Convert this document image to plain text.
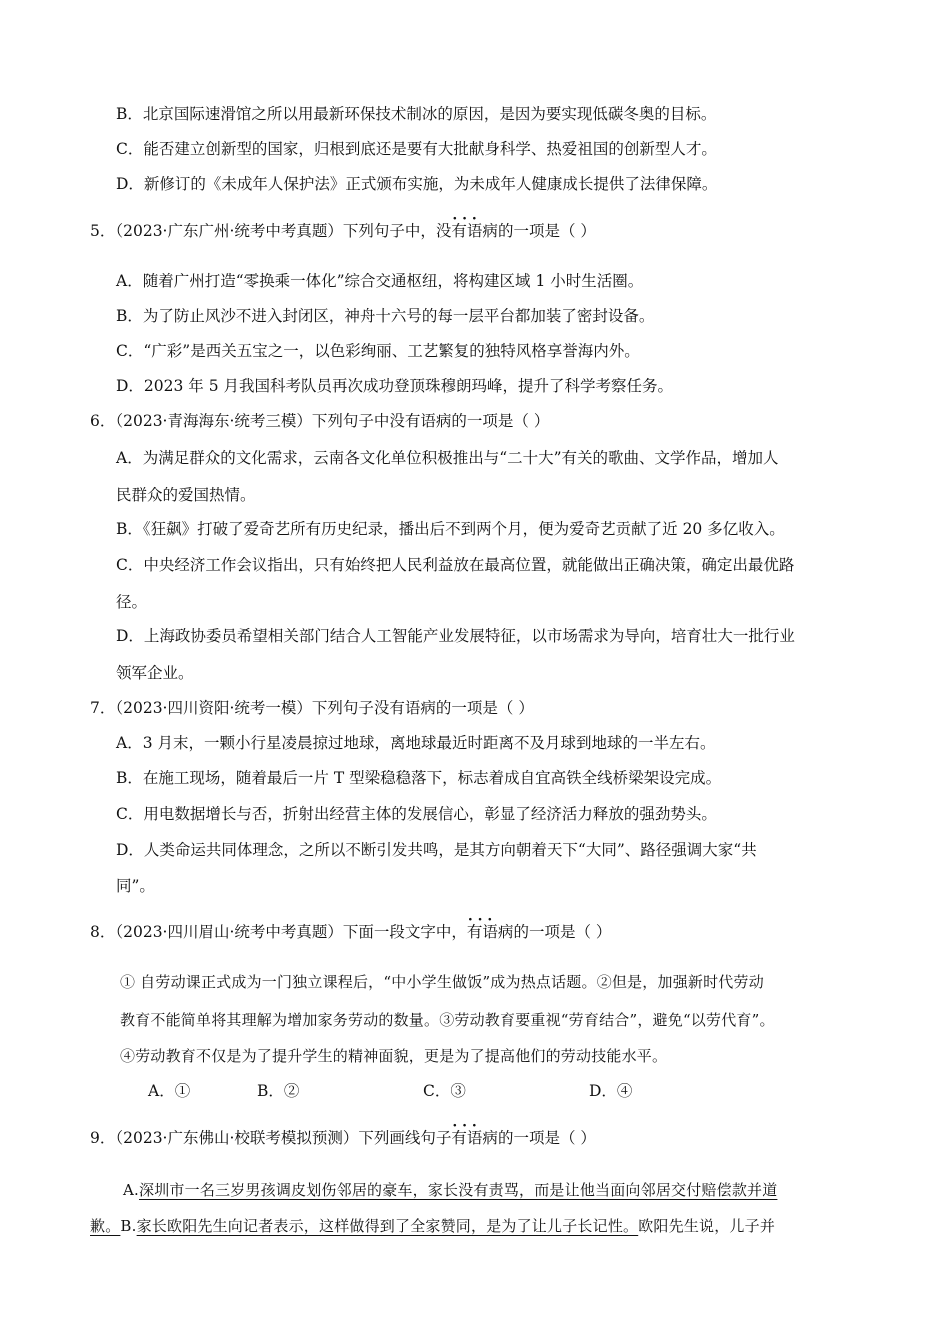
B．北京国际速滑馆之所以用最新环保技术制冰的原因，是因为要实现低碳冬奥的目标。
C．能否建立创新型的国家，归根到底还是要有大批献身科学、热爱祖国的创新型人才。
D．新修订的《未成年人保护法》正式颁布实施，为未成年人健康成长提供了法律保障。
5．（2023·广东广州·统考中考真题）下列句子中，没· · · 有语病的一项是（ ）
A．随着广州打造“零换乘一体化”综合交通枢纽，将构建区域 1 小时生活圈。
B．为了防止风沙不进入封闭区，神舟十六号的每一层平台都加装了密封设备。
C．“广彩”是西关五宝之一，以色彩绚丽、工艺繁复的独特风格享誉海内外。
D．2023 年 5 月我国科考队员再次成功登顶珠穆朗玛峰，提升了科学考察任务。
6．（2023·青海海东·统考三模）下列句子中没有语病的一项是（ ）
A．为满足群众的文化需求，云南各文化单位积极推出与“二十大”有关的歌曲、文学作品，增加人
民群众的爱国热情。
B．《狂飙》打破了爱奇艺所有历史纪录，播出后不到两个月，便为爱奇艺贡献了近 20 多亿收入。
C．中央经济工作会议指出，只有始终把人民利益放在最高位置，就能做出正确决策，确定出最优路
径。
D．上海政协委员希望相关部门结合人工智能产业发展特征，以市场需求为导向，培育壮大一批行业
领军企业。
7．（2023·四川资阳·统考一模）下列句子没有语病的一项是（ ）
A．3 月末，一颗小行星凌晨掠过地球，离地球最近时距离不及月球到地球的一半左右。
B．在施工现场，随着最后一片 T 型梁稳稳落下，标志着成自宜高铁全线桥梁架设完成。
C．用电数据增长与否，折射出经营主体的发展信心，彰显了经济活力释放的强劲势头。
D．人类命运共同体理念，之所以不断引发共鸣，是其方向朝着天下“大同”、路径强调大家“共
同”。
8．（2023·四川眉山·统考中考真题）下面一段文字中，· · · 有语病的一项是（ ）
① 自劳动课正式成为一门独立课程后，“中小学生做饭”成为热点话题。②但是，加强新时代劳动
教育不能简单将其理解为增加家务劳动的数量。③劳动教育要重视“劳育结合”，避免“以劳代育”。
④劳动教育不仅是为了提升学生的精神面貌，更是为了提高他们的劳动技能水平。
A．①	B．②	C．③	D．④
9．（2023·广东佛山·校联考模拟预测）下列画线句子· · · 有语病的一项是（ ）
A.深圳市一名三岁男孩调皮划伤邻居的豪车，家长没有责骂，而是让他当面向邻居交付赔偿款并道
歉。B.家长欧阳先生向记者表示，这样做得到了全家赞同，是为了让儿子长记性。欧阳先生说，儿子并
